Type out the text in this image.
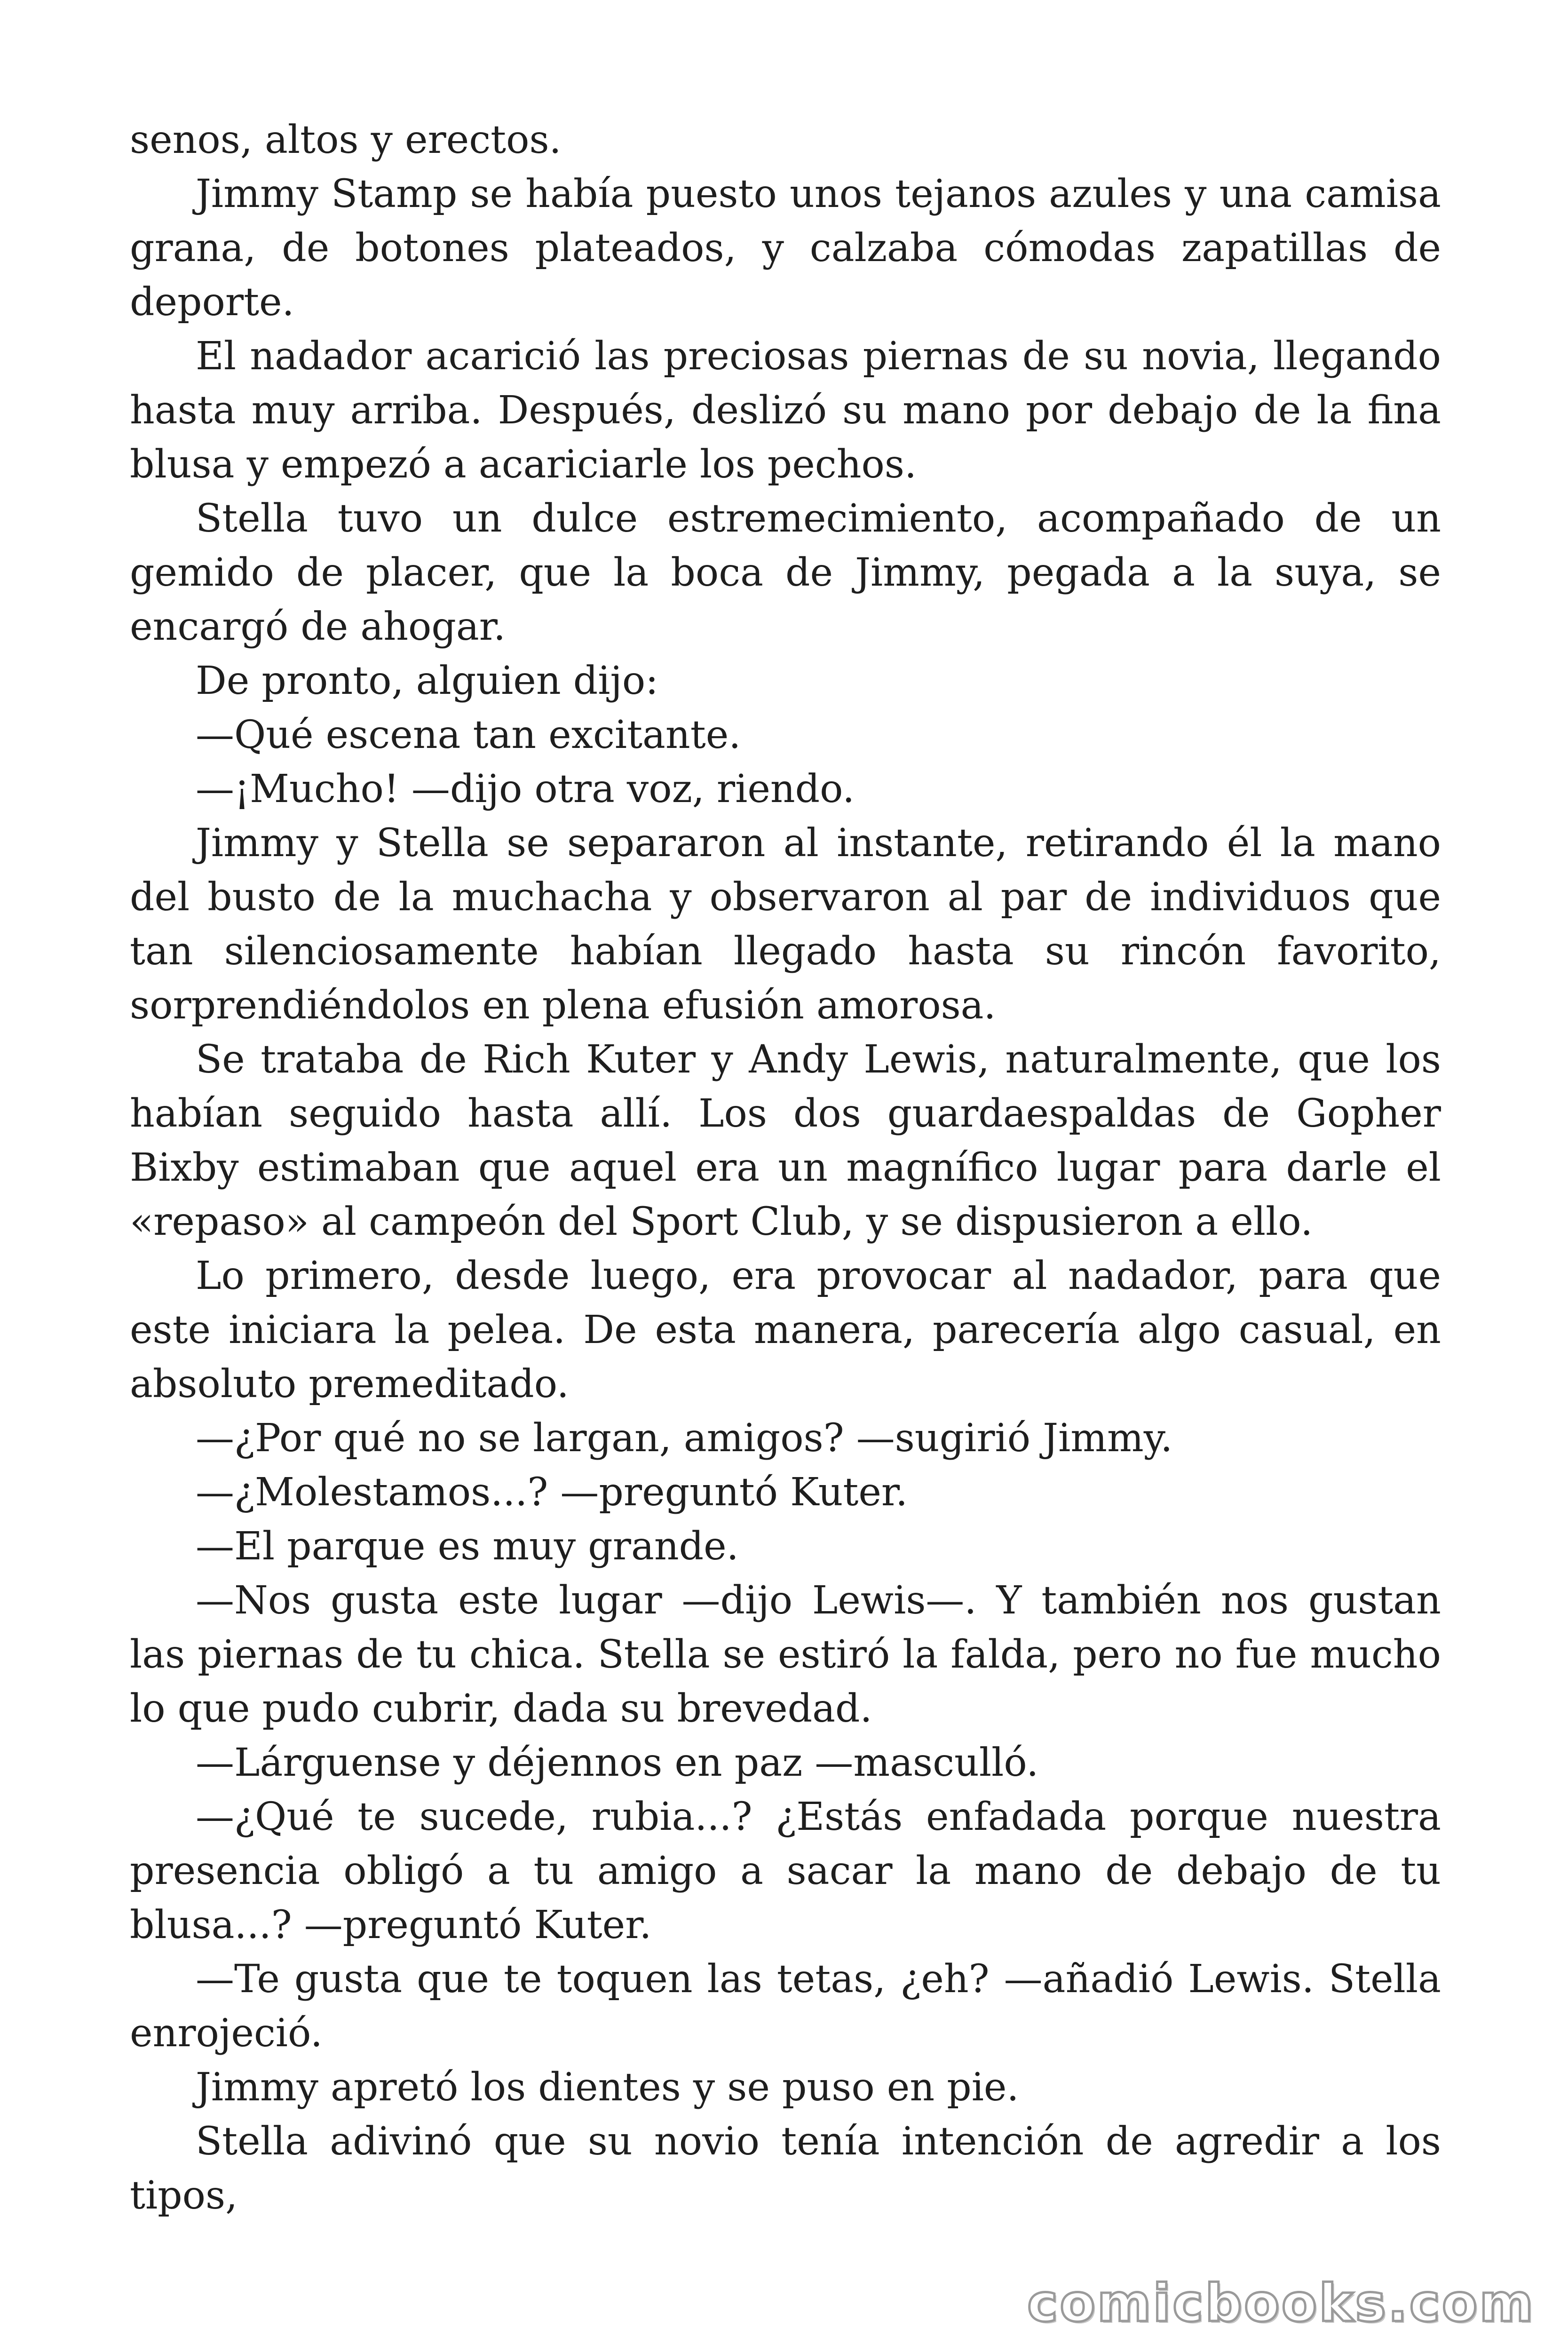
senos, altos y erectos.

Jimmy Stamp se había puesto unos tejanos azules y una camisa grana, de botones plateados, y calzaba cómodas zapatillas de deporte.

El nadador acarició las preciosas piernas de su novia, llegando hasta muy arriba. Después, deslizó su mano por debajo de la fina blusa y empezó a acariciarle los pechos.

Stella tuvo un dulce estremecimiento, acompañado de un gemido de placer, que la boca de Jimmy, pegada a la suya, se encargó de ahogar.

De pronto, alguien dijo:

—Qué escena tan excitante.

—¡Mucho! —dijo otra voz, riendo.

Jimmy y Stella se separaron al instante, retirando él la mano del busto de la muchacha y observaron al par de individuos que tan silenciosamente habían llegado hasta su rincón favorito, sorprendiéndolos en plena efusión amorosa.

Se trataba de Rich Kuter y Andy Lewis, naturalmente, que los habían seguido hasta allí. Los dos guardaespaldas de Gopher Bixby estimaban que aquel era un magnífico lugar para darle el «repaso» al campeón del Sport Club, y se dispusieron a ello.

Lo primero, desde luego, era provocar al nadador, para que este iniciara la pelea. De esta manera, parecería algo casual, en absoluto premeditado.

—¿Por qué no se largan, amigos? —sugirió Jimmy.

—¿Molestamos...? —preguntó Kuter.

—El parque es muy grande.

—Nos gusta este lugar —dijo Lewis—. Y también nos gustan las piernas de tu chica. Stella se estiró la falda, pero no fue mucho lo que pudo cubrir, dada su brevedad.

—Lárguense y déjennos en paz —masculló.

—¿Qué te sucede, rubia...? ¿Estás enfadada porque nuestra presencia obligó a tu amigo a sacar la mano de debajo de tu blusa...? —preguntó Kuter.

—Te gusta que te toquen las tetas, ¿eh? —añadió Lewis. Stella enrojeció.

Jimmy apretó los dientes y se puso en pie.

Stella adivinó que su novio tenía intención de agredir a los tipos,

comicbooks.com
